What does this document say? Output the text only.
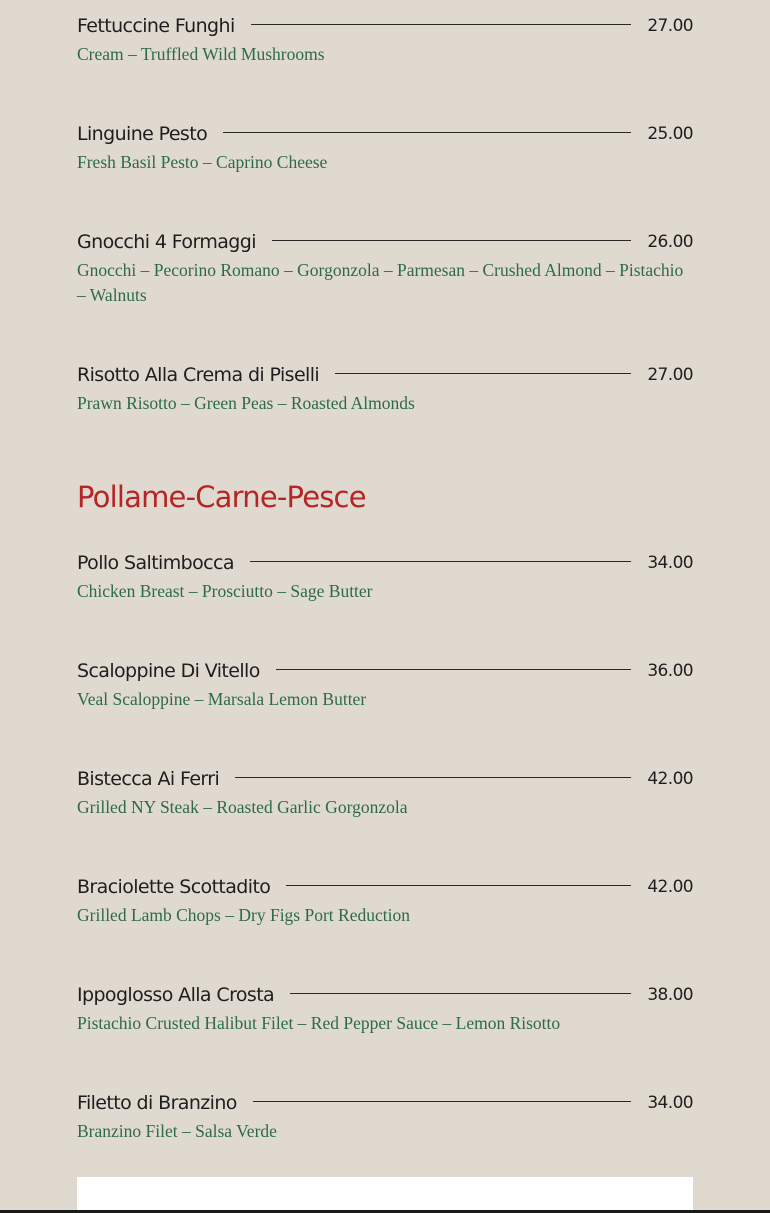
Fettuccine Funghi	27.00
Cream – Truffled Wild Mushrooms
Linguine Pesto	25.00
Fresh Basil Pesto – Caprino Cheese
Gnocchi 4 Formaggi	26.00
Gnocchi – Pecorino Romano – Gorgonzola – Parmesan – Crushed Almond – Pistachio – Walnuts
Risotto Alla Crema di Piselli	27.00
Prawn Risotto – Green Peas – Roasted Almonds
Pollo Saltimbocca	34.00
Chicken Breast – Prosciutto – Sage Butter
Scaloppine Di Vitello	36.00
Veal Scaloppine – Marsala Lemon Butter
Bistecca Ai Ferri	42.00
Grilled NY Steak – Roasted Garlic Gorgonzola
Braciolette Scottadito	42.00
Grilled Lamb Chops – Dry Figs Port Reduction
Ippoglosso Alla Crosta	38.00
Pistachio Crusted Halibut Filet – Red Pepper Sauce – Lemon Risotto
Filetto di Branzino	34.00
Branzino Filet – Salsa Verde
Pollame-Carne-Pesce
